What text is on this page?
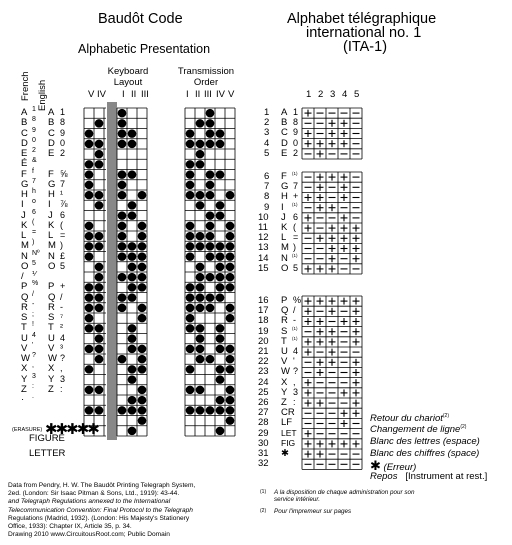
Baudôt Code
Alphabetic Presentation
French English
Keyboard Layout
Transmission Order
V IV I II III	I II III IV V
A 1 A 1
B 8 B 8
C 9 C 9
D 0 D 0
E 2 E 2
É &
F f F ⅝
G 7 G 7
H h H ¹
I o I ⅞
J 6 J 6
K ( K (
L = L =
M ) M )
N Nº N £
O 5 O 5
/ ⅟
P % P +
Q / Q /
R - R -
S ; S ⁷
T ! T ²
U 4 U 4
V ' V ³
W ? W ?
X , X ,
Y 3 Y 3
Z : Z :
· .
(ERASURE) ✱✱✱✱✱
FIGURE
LETTER
Alphabet télégraphique
international no. 1
(ITA-1)
1 2 3 4 5
1 A 1
2 B 8
3 C 9
4 D 0
5 E 2
6 F (1)
7 G 7
8 H +
9 I (1)
10 J 6
11 K (
12 L =
13 M )
14 N (1)
15 O 5
16 P %
17 Q /
18 R -
19 S (1)
20 T (1)
21 U 4
22 V '
23 W ?
24 X ,
25 Y 3
26 Z :
27 CR
28 LF
29 LET
30 FIG
31 ✱
32
Retour du chariot$^{(2)}$
Changement de ligne$^{(2)}$
Blanc des lettres (espace)
Blanc des chiffres (space)
✱ (Erreur)
Repos [Instrument at rest.]
$^{(1)}$	A la disposition de chaque administration pour son service intérieur.
(2) Pour l'impremeur sur pages
Data from Pendry, H. W. The Baudôt Printing Telegraph System,
2ed. (London: Sir Isaac Pitman & Sons, Ltd., 1919): 43-44.
and Telegraph Regulations annexed to the International
Telecommunication Convention: Final Protocol to the Telegraph
Regulations (Madrid, 1932). (London: His Majesty's Stationery
Office, 1933): Chapter IX, Article 35, p. 34.
Drawing 2010 www.CircuitousRoot.com; Public Domain
